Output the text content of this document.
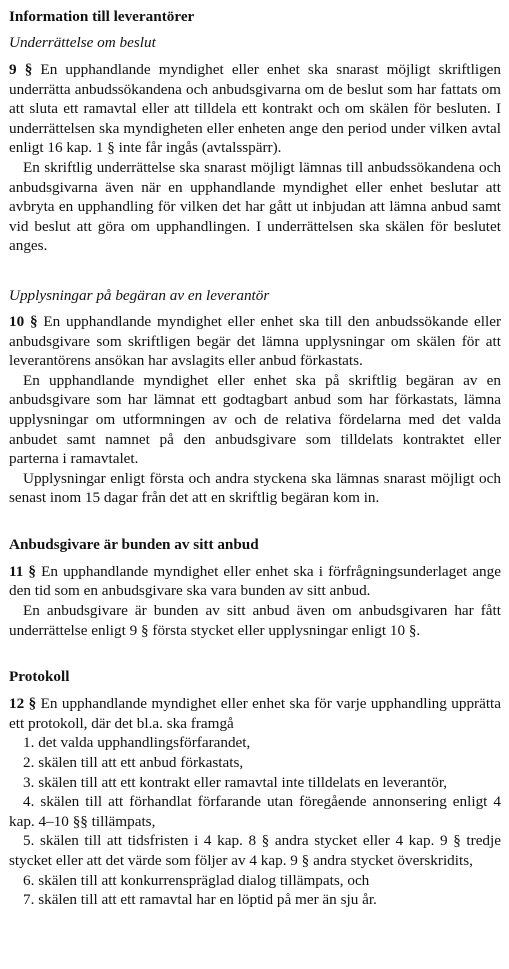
Information till leverantörer

Underrättelse om beslut

9 § En upphandlande myndighet eller enhet ska snarast möjligt skriftligen underrätta anbudssökandena och anbudsgivarna om de beslut som har fattats om att sluta ett ramavtal eller att tilldela ett kontrakt och om skälen för besluten. I underrättelsen ska myndigheten eller enheten ange den period under vilken avtal enligt 16 kap. 1 § inte får ingås (avtalsspärr).

En skriftlig underrättelse ska snarast möjligt lämnas till anbudssökandena och anbudsgivarna även när en upphandlande myndighet eller enhet beslutar att avbryta en upphandling för vilken det har gått ut inbjudan att lämna anbud samt vid beslut att göra om upphandlingen. I underrättelsen ska skälen för beslutet anges.

Upplysningar på begäran av en leverantör

10 § En upphandlande myndighet eller enhet ska till den anbudssökande eller anbudsgivare som skriftligen begär det lämna upplysningar om skälen för att leverantörens ansökan har avslagits eller anbud förkastats.

En upphandlande myndighet eller enhet ska på skriftlig begäran av en anbudsgivare som har lämnat ett godtagbart anbud som har förkastats, lämna upplysningar om utformningen av och de relativa fördelarna med det valda anbudet samt namnet på den anbudsgivare som tilldelats kontraktet eller parterna i ramavtalet.

Upplysningar enligt första och andra styckena ska lämnas snarast möjligt och senast inom 15 dagar från det att en skriftlig begäran kom in.

Anbudsgivare är bunden av sitt anbud

11 § En upphandlande myndighet eller enhet ska i förfrågningsunderlaget ange den tid som en anbudsgivare ska vara bunden av sitt anbud.

En anbudsgivare är bunden av sitt anbud även om anbudsgivaren har fått underrättelse enligt 9 § första stycket eller upplysningar enligt 10 §.

Protokoll

12 § En upphandlande myndighet eller enhet ska för varje upphandling upprätta ett protokoll, där det bl.a. ska framgå

1. det valda upphandlingsförfarandet,

2. skälen till att ett anbud förkastats,

3. skälen till att ett kontrakt eller ramavtal inte tilldelats en leverantör,

4. skälen till att förhandlat förfarande utan föregående annonsering enligt 4 kap. 4–10 §§ tillämpats,

5. skälen till att tidsfristen i 4 kap. 8 § andra stycket eller 4 kap. 9 § tredje stycket eller att det värde som följer av 4 kap. 9 § andra stycket överskridits,

6. skälen till att konkurrenspräglad dialog tillämpats, och

7. skälen till att ett ramavtal har en löptid på mer än sju år.
